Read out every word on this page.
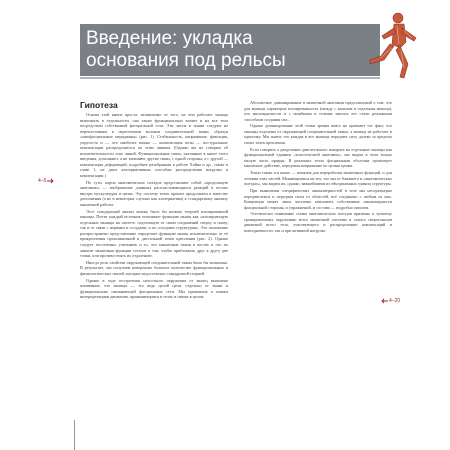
Введение: укладка основания под рельсы
Гипотеза

Основа этой книги проста: независимо от того, на чем работает мышца выполнять в отдельности, она также функционально влияет и на все тела посредством собственной фасциальной сети. Эти листы и линии следуют не переплетениям в пересечении волокон соединительной ткани, образуя «миофасциальные меридианы» (рис. 1). Стабильность, напряжение, фиксация, упругость и — что наиболее важно — компенсация позы — постуральные компенсации распределяются по этим линиям. (Однако вы не говорим об исключительности этих линий. Функциональные связи, указанные в книге этого введения, дополняют, а не заменяют другие связи, с одной стороны, а с другой — компенсация деформаций, подробнее разобранная в работе Хайна и др., также в главе 1, не дают альтернативным способам распределения нагрузки и компенсации.)

По сути, карты анатомических поездов представляют собой «продольную анатомию» — изображение длинных распластывающихся реакций в петлях внутри мускулатуры и цепях. Эту систему точек прошел продолжаем в качестве дополнения (а не в некоторых случаях как альтернатива) к стандартному анализу мышечной работы.

Этот стандартный анализ можно было бы назвать теорией изолированной мышцы. Почти каждый источник описывает функцию мышц как «изолирующую отдельные мышцы на скелете, отделенную от связи соединений сверху и снизу, так и от связи с нервами и сосудами, и по соседним структурам». Это положение распространено представление определяет функцию мышц исключительно от её прикрепления проксимальной и дистальной точек крепления (рис. 2). Однако следует постепенно учитывать и то, что мышечные ткани в костях и что их зависит мышечная функция состоит в том, чтобы приближать друг к другу две точки, или противостоять их отдалению.

Иногда роль свойства окружающей соединительной ткани была бы возможна. В результате, мы получаем невероятно большое количество функциональных и физиологических связей, которые недостаточно стандартной теорией.

Однако в ходе построения целостного окружения от мышц выяснено понимание, что мышцы — это ведь целой цепи, отдельно от ткани и функционально связывающей фасциальные сети. Мы призываем к новым интерпретациям движения, проявляющимся в телах и связях в целом.

Абсолютное доминирование в мышечной анатомии представлений о том, что для мышцы характерна изолированность (между с каналом и отдельная мышца), что многократности и с ошибками в течение многих лет стали реальными способами создания сил...

Однако доминирование этой точки зрения вовсе не признает тот факт, что мышцы отделены от окружающей соединительной ткани, а мышца не работает в одиночку. Мы знаем, что каждая и все мышцы передают силу далеко за пределы своих точек крепления.

Если говорить о разделении двигательного аппарата на отдельные мышцы как функциональной единице «классической анатомии», мы видим в этом только малую часть правды. В реальных телах фасциальная оболочка организует мышечное действие, передавая напряжение по целым цепям.

Точно также и в книге — понятия для переработки мышечных функций, и для лечения этих частей. Меняющимися на тех, что мы от ближнего в «анатомических поездах», мы видим их, однако, важнейшими из объединенных единиц структуры.

При выявлении специфических закономерностей в теле мы несоразмерно передвигаемся и передаем силы от областей, всё соединено с любым из них. Концепция может лишь частично описывать собственные закономерности фасциальной стороны, и упражнений, и состава — подробно опишем.

Эстетически понимание схемы анатомических поездов призвано к лучшему тренировочному окружению всего мышечной системы и самого сверхтоналов движений всего тела, участвующего и распределению компенсаций и повседневности, так и при активной нагрузке.

4–5
4–20
